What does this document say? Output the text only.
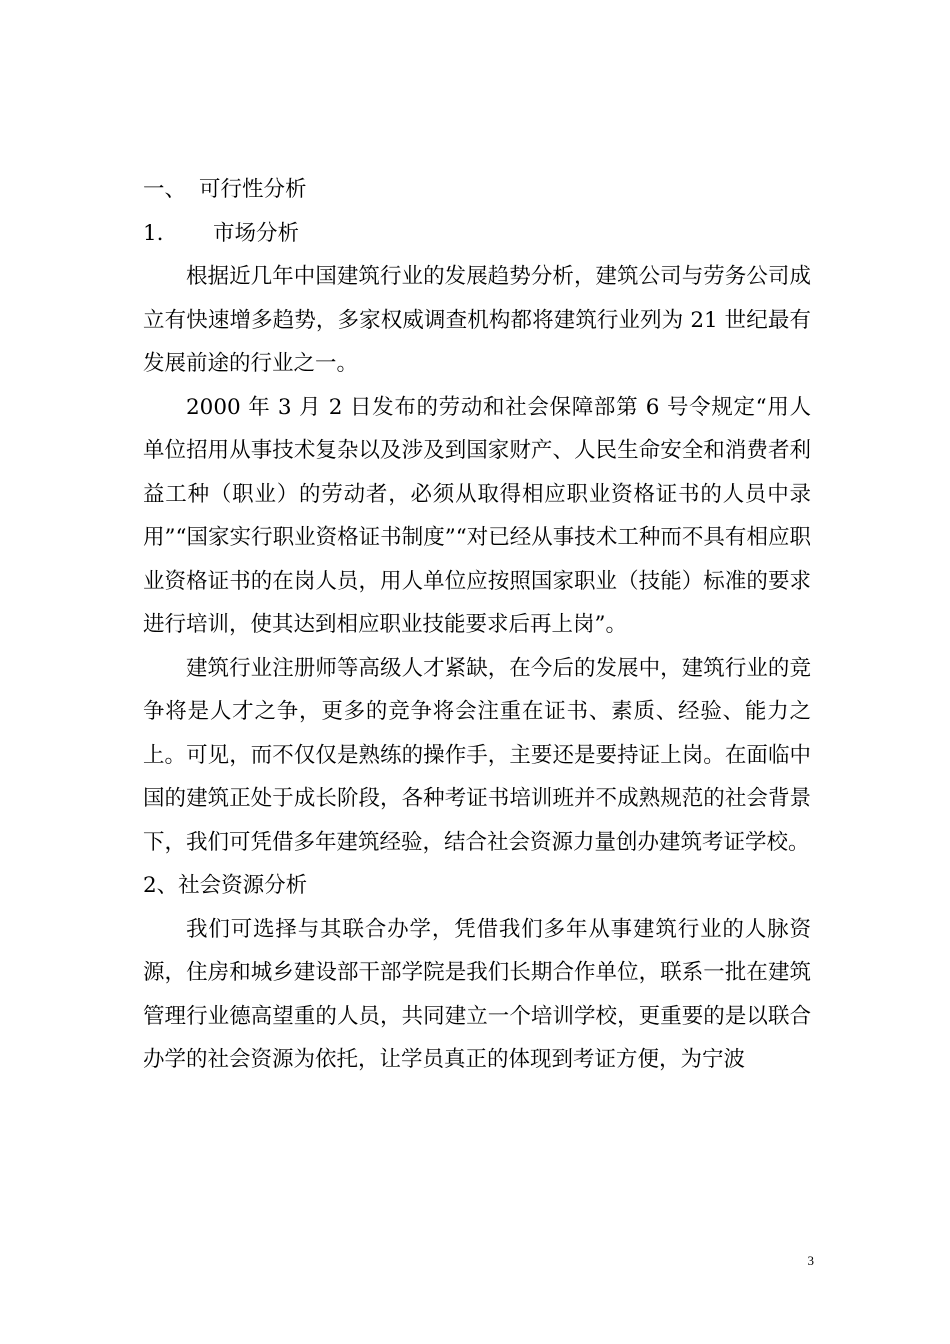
一、 可行性分析

1. 市场分析

根据近几年中国建筑行业的发展趋势分析，建筑公司与劳务公司成立有快速增多趋势，多家权威调查机构都将建筑行业列为 21 世纪最有发展前途的行业之一。

2000 年 3 月 2 日发布的劳动和社会保障部第 6 号令规定“用人单位招用从事技术复杂以及涉及到国家财产、人民生命安全和消费者利益工种（职业）的劳动者，必须从取得相应职业资格证书的人员中录用”“国家实行职业资格证书制度”“对已经从事技术工种而不具有相应职业资格证书的在岗人员，用人单位应按照国家职业（技能）标准的要求进行培训，使其达到相应职业技能要求后再上岗”。

建筑行业注册师等高级人才紧缺，在今后的发展中，建筑行业的竞争将是人才之争，更多的竞争将会注重在证书、素质、经验、能力之上。可见，而不仅仅是熟练的操作手，主要还是要持证上岗。在面临中国的建筑正处于成长阶段，各种考证书培训班并不成熟规范的社会背景下，我们可凭借多年建筑经验，结合社会资源力量创办建筑考证学校。

2、社会资源分析

我们可选择与其联合办学，凭借我们多年从事建筑行业的人脉资源，住房和城乡建设部干部学院是我们长期合作单位，联系一批在建筑管理行业德高望重的人员，共同建立一个培训学校，更重要的是以联合办学的社会资源为依托，让学员真正的体现到考证方便，为宁波

3
